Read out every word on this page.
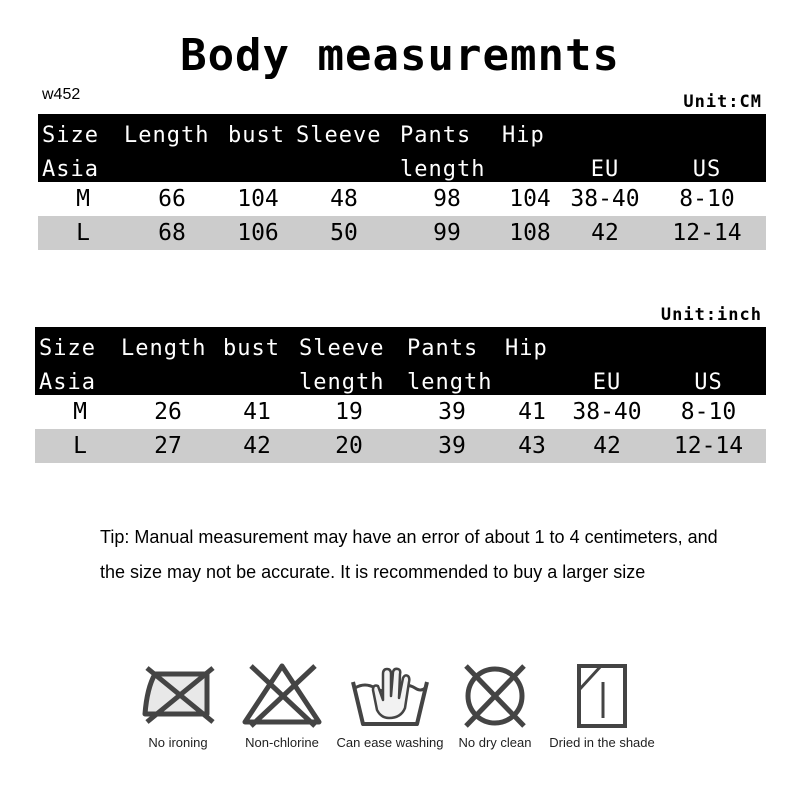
Body measuremnts
w452	Unit:CM
Size	Length	bust	Sleeve	Pants	Hip		
Asia				length		EU	US
M	66	104	48	98	104	38-40	8-10
L	68	106	50	99	108	42	12-14
Unit:inch
Size	Length	bust	Sleeve	Pants	Hip		
Asia			length	length		EU	US
M	26	41	19	39	41	38-40	8-10
L	27	42	20	39	43	42	12-14
Tip: Manual measurement may have an error of about 1 to 4 centimeters, and the size may not be accurate. It is recommended to buy a larger size
No ironing	Non-chlorine	Can ease washing	No dry clean	Dried in the shade
